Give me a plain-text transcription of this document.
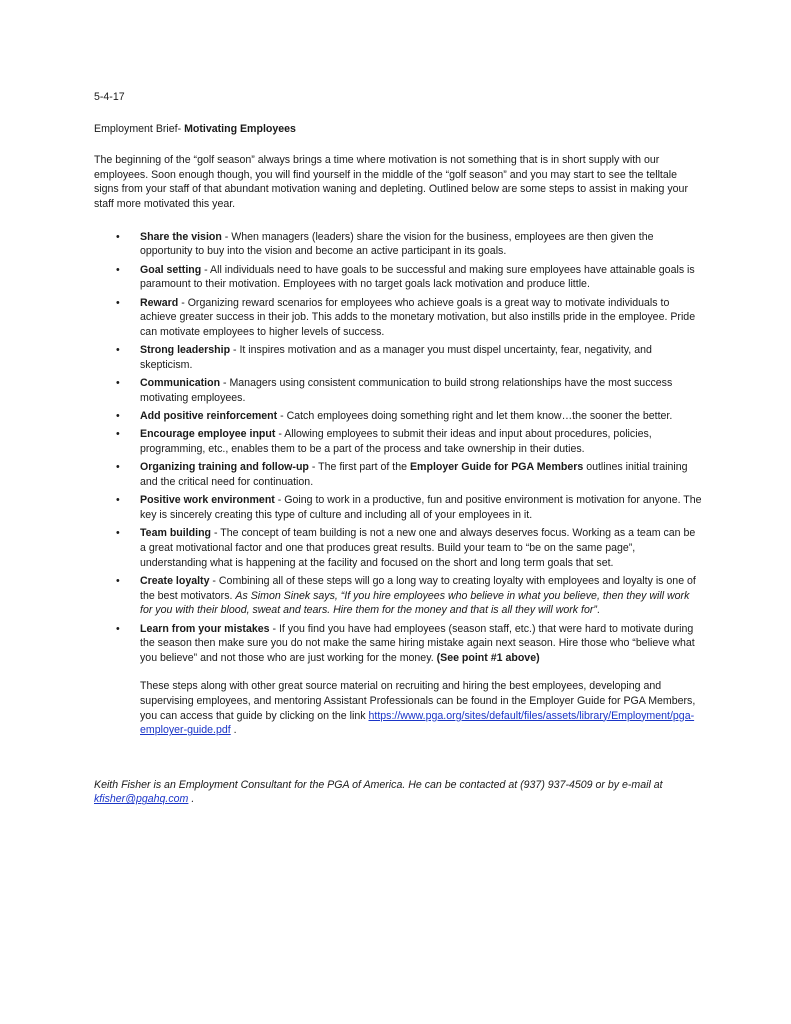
5-4-17

Employment Brief- Motivating Employees

The beginning of the “golf season” always brings a time where motivation is not something that is in short supply with our employees. Soon enough though, you will find yourself in the middle of the “golf season” and you may start to see the telltale signs from your staff of that abundant motivation waning and depleting. Outlined below are some steps to assist in making your staff more motivated this year.

• Share the vision - When managers (leaders) share the vision for the business, employees are then given the opportunity to buy into the vision and become an active participant in its goals.
• Goal setting - All individuals need to have goals to be successful and making sure employees have attainable goals is paramount to their motivation. Employees with no target goals lack motivation and produce little.
• Reward - Organizing reward scenarios for employees who achieve goals is a great way to motivate individuals to achieve greater success in their job. This adds to the monetary motivation, but also instills pride in the employee. Pride can motivate employees to higher levels of success.
• Strong leadership - It inspires motivation and as a manager you must dispel uncertainty, fear, negativity, and skepticism.
• Communication - Managers using consistent communication to build strong relationships have the most success motivating employees.
• Add positive reinforcement - Catch employees doing something right and let them know…the sooner the better.
• Encourage employee input - Allowing employees to submit their ideas and input about procedures, policies, programming, etc., enables them to be a part of the process and take ownership in their duties.
• Organizing training and follow-up - The first part of the Employer Guide for PGA Members outlines initial training and the critical need for continuation.
• Positive work environment - Going to work in a productive, fun and positive environment is motivation for anyone. The key is sincerely creating this type of culture and including all of your employees in it.
• Team building - The concept of team building is not a new one and always deserves focus. Working as a team can be a great motivational factor and one that produces great results. Build your team to “be on the same page”, understanding what is happening at the facility and focused on the short and long term goals that set.
• Create loyalty - Combining all of these steps will go a long way to creating loyalty with employees and loyalty is one of the best motivators. As Simon Sinek says, “If you hire employees who believe in what you believe, then they will work for you with their blood, sweat and tears. Hire them for the money and that is all they will work for”.
• Learn from your mistakes - If you find you have had employees (season staff, etc.) that were hard to motivate during the season then make sure you do not make the same hiring mistake again next season. Hire those who “believe what you believe” and not those who are just working for the money. (See point #1 above)

These steps along with other great source material on recruiting and hiring the best employees, developing and supervising employees, and mentoring Assistant Professionals can be found in the Employer Guide for PGA Members, you can access that guide by clicking on the link https://www.pga.org/sites/default/files/assets/library/Employment/pga-employer-guide.pdf .

Keith Fisher is an Employment Consultant for the PGA of America. He can be contacted at (937) 937-4509 or by e-mail at kfisher@pgahq.com .
